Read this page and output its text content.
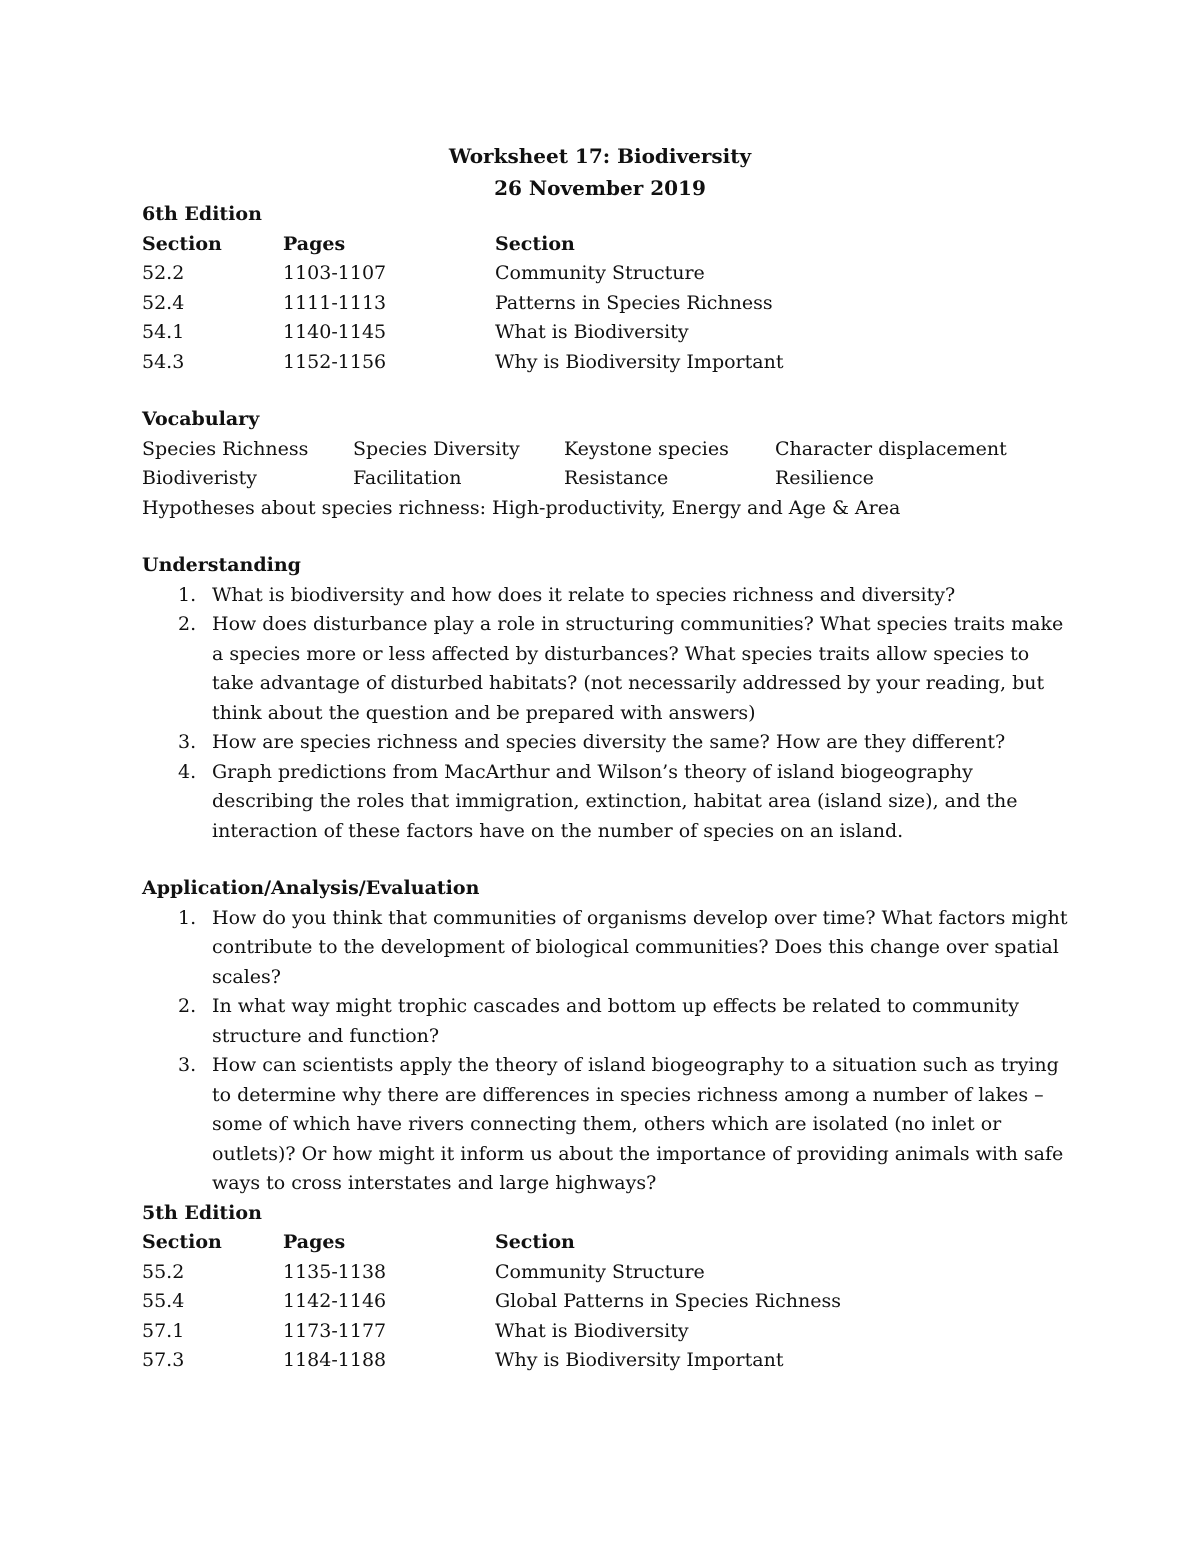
Worksheet 17: Biodiversity
26 November 2019
6th Edition
Section	Pages	Section
52.2	1103-1107	Community Structure
52.4	1111-1113	Patterns in Species Richness
54.1	1140-1145	What is Biodiversity
54.3	1152-1156	Why is Biodiversity Important
Vocabulary
Species Richness	Species Diversity	Keystone species	Character displacement
Biodiveristy	Facilitation	Resistance	Resilience
Hypotheses about species richness: High-productivity, Energy and Age & Area
Understanding
1. What is biodiversity and how does it relate to species richness and diversity?
2. How does disturbance play a role in structuring communities? What species traits make a species more or less affected by disturbances? What species traits allow species to take advantage of disturbed habitats? (not necessarily addressed by your reading, but think about the question and be prepared with answers)
3. How are species richness and species diversity the same? How are they different?
4. Graph predictions from MacArthur and Wilson’s theory of island biogeography describing the roles that immigration, extinction, habitat area (island size), and the interaction of these factors have on the number of species on an island.
Application/Analysis/Evaluation
1. How do you think that communities of organisms develop over time? What factors might contribute to the development of biological communities? Does this change over spatial scales?
2. In what way might trophic cascades and bottom up effects be related to community structure and function?
3. How can scientists apply the theory of island biogeography to a situation such as trying to determine why there are differences in species richness among a number of lakes – some of which have rivers connecting them, others which are isolated (no inlet or outlets)? Or how might it inform us about the importance of providing animals with safe ways to cross interstates and large highways?
5th Edition
Section	Pages	Section
55.2	1135-1138	Community Structure
55.4	1142-1146	Global Patterns in Species Richness
57.1	1173-1177	What is Biodiversity
57.3	1184-1188	Why is Biodiversity Important
